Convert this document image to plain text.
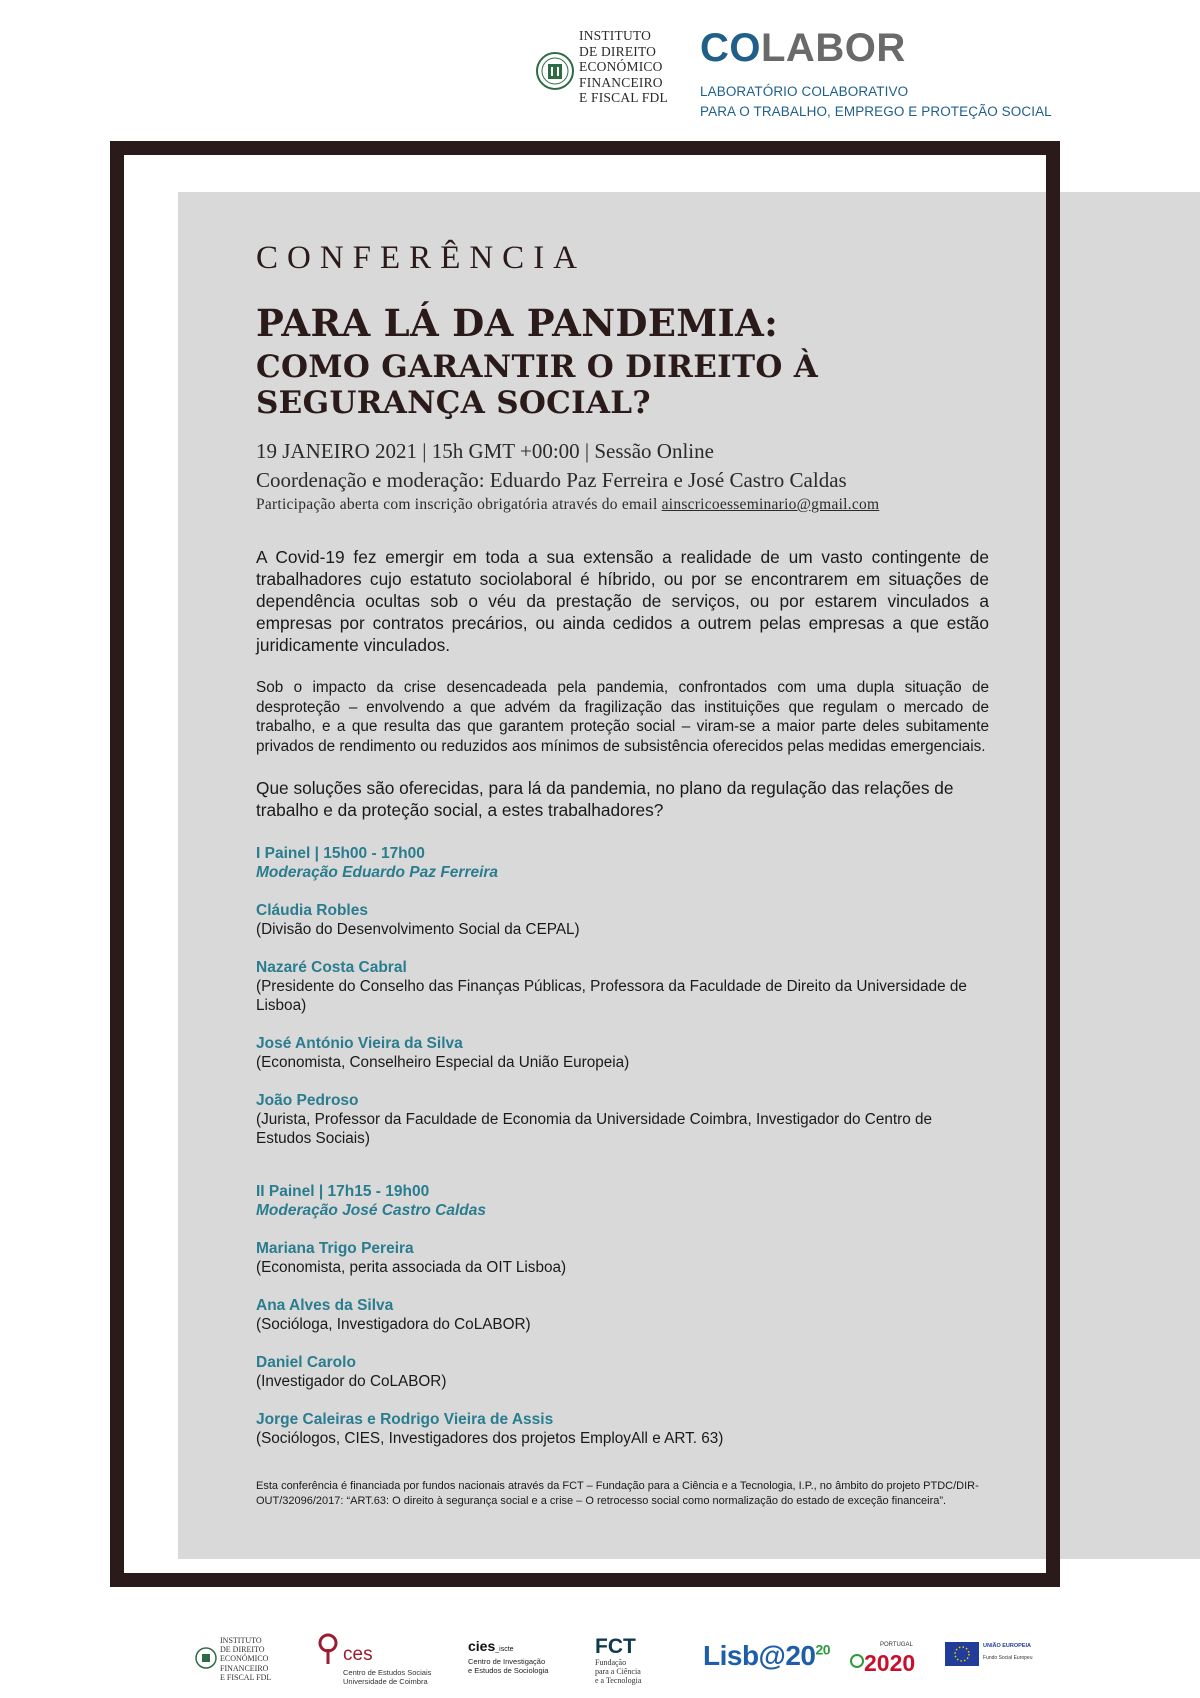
INSTITUTO
DE DIREITO
ECONÓMICO
FINANCEIRO
E FISCAL FDL
COLABOR
LABORATÓRIO COLABORATIVO
PARA O TRABALHO, EMPREGO E PROTEÇÃO SOCIAL
CONFERÊNCIA
PARA LÁ DA PANDEMIA:
COMO GARANTIR O DIREITO À
SEGURANÇA SOCIAL?
19 JANEIRO 2021 | 15h GMT +00:00 | Sessão Online
Coordenação e moderação: Eduardo Paz Ferreira e José Castro Caldas
Participação aberta com inscrição obrigatória através do email ainscricoesseminario@gmail.com

A Covid-19 fez emergir em toda a sua extensão a realidade de um vasto contingente de trabalhadores cujo estatuto sociolaboral é híbrido, ou por se encontrarem em situações de dependência ocultas sob o véu da prestação de serviços, ou por estarem vinculados a empresas por contratos precários, ou ainda cedidos a outrem pelas empresas a que estão juridicamente vinculados.

Sob o impacto da crise desencadeada pela pandemia, confrontados com uma dupla situação de desproteção – envolvendo a que advém da fragilização das instituições que regulam o mercado de trabalho, e a que resulta das que garantem proteção social – viram-se a maior parte deles subitamente privados de rendimento ou reduzidos aos mínimos de subsistência oferecidos pelas medidas emergenciais.

Que soluções são oferecidas, para lá da pandemia, no plano da regulação das relações de trabalho e da proteção social, a estes trabalhadores?

I Painel | 15h00 - 17h00
Moderação Eduardo Paz Ferreira
Cláudia Robles
(Divisão do Desenvolvimento Social da CEPAL)
Nazaré Costa Cabral
(Presidente do Conselho das Finanças Públicas, Professora da Faculdade de Direito da Universidade de Lisboa)
José António Vieira da Silva
(Economista, Conselheiro Especial da União Europeia)
João Pedroso
(Jurista, Professor da Faculdade de Economia da Universidade Coimbra, Investigador do Centro de Estudos Sociais)
II Painel | 17h15 - 19h00
Moderação José Castro Caldas
Mariana Trigo Pereira
(Economista, perita associada da OIT Lisboa)
Ana Alves da Silva
(Socióloga, Investigadora do CoLABOR)
Daniel Carolo
(Investigador do CoLABOR)
Jorge Caleiras e Rodrigo Vieira de Assis
(Sociólogos, CIES, Investigadores dos projetos EmployAll e ART. 63)
Esta conferência é financiada por fundos nacionais através da FCT – Fundação para a Ciência e a Tecnologia, I.P., no âmbito do projeto PTDC/DIR-OUT/32096/2017: “ART.63: O direito à segurança social e a crise – O retrocesso social como normalização do estado de exceção financeira”.
INSTITUTO
DE DIREITO
ECONÓMICO
FINANCEIRO
E FISCAL FDL
ces
Centro de Estudos Sociais
Universidade de Coimbra
cies_iscte
Centro de Investigação
e Estudos de Sociologia
FCT
Fundação
para a Ciência
e a Tecnologia
$Lisb@20^{20}$	PORTUGAL
2020
UNIÃO EUROPEIA
Fundo Social Europeu
